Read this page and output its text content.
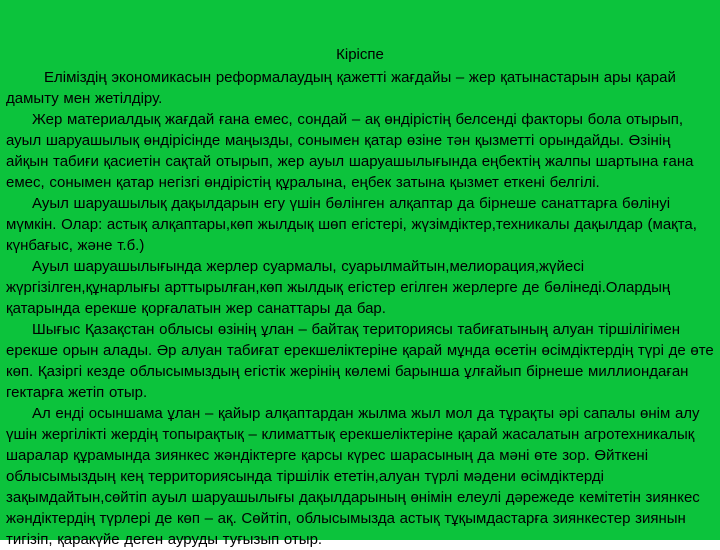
Кіріспе

Еліміздің экономикасын реформалаудың қажетті жағдайы – жер қатынастарын ары қарай дамыту мен жетілдіру.

Жер материалдық жағдай ғана емес, сондай – ақ өндірістің белсенді факторы бола отырып, ауыл шаруашылық өндірісінде маңызды, сонымен қатар өзіне тән қызметті орындайды. Өзінің айқын табиғи қасиетін сақтай отырып, жер ауыл шаруашылығында еңбектің жалпы шартына ғана емес, сонымен қатар негізгі өндірістің құралына, еңбек затына қызмет еткені белгілі.

Ауыл шаруашылық дақылдарын егу үшін бөлінген алқаптар да бірнеше санаттарға бөлінуі мүмкін. Олар: астық алқаптары,көп жылдық шөп егістері, жүзімдіктер,техникалы дақылдар (мақта, күнбағыс, және т.б.)

Ауыл шаруашылығында жерлер суармалы, суарылмайтын,мелиорация,жүйесі жүргізілген,құнарлығы арттырылған,көп жылдық егістер егілген жерлерге де бөлінеді.Олардың қатарында ерекше қорғалатын жер санаттары да бар.

Шығыс Қазақстан облысы өзінің ұлан – байтақ териториясы табиғатының алуан тіршілігімен ерекше орын алады. Әр алуан табиғат ерекшеліктеріне қарай мұнда өсетін өсімдіктердің түрі де өте көп. Қазіргі кезде облысымыздың егістік жерінің көлемі барынша ұлғайып бірнеше миллиондаған гектарға жетіп отыр.

Ал енді осыншама ұлан – қайыр алқаптардан жылма жыл мол да тұрақты әрі сапалы өнім алу үшін жергілікті жердің топырақтық – климаттық ерекшеліктеріне қарай жасалатын агротехникалық шаралар құрамында зиянкес жәндіктерге қарсы күрес шарасының да мәні өте зор. Өйткені облысымыздың кең территориясында тіршілік ететін,алуан түрлі мәдени өсімдіктерді зақымдайтын,сөйтіп ауыл шаруашылығы дақылдарының өнімін елеулі дәрежеде кемітетін зиянкес жәндіктердің түрлері де көп – ақ. Сөйтіп, облысымызда астық тұқымдастарға зиянкестер зиянын тигізіп, қаракүйе деген ауруды туғызып отыр.
